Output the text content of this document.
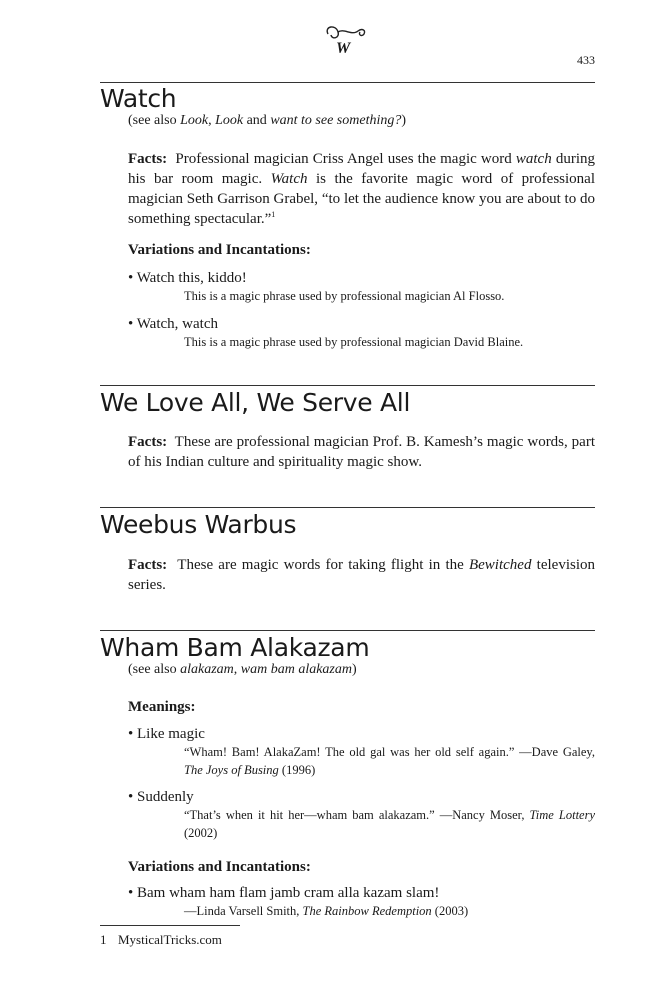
W
433
Watch
(see also Look, Look and want to see something?)
Facts: Professional magician Criss Angel uses the magic word watch during his bar room magic. Watch is the favorite magic word of professional magician Seth Garrison Grabel, “to let the audience know you are about to do something spectacular.”$^1$
Variations and Incantations:
• Watch this, kiddo!
This is a magic phrase used by professional magician Al Flosso.
• Watch, watch
This is a magic phrase used by professional magician David Blaine.
We Love All, We Serve All
Facts: These are professional magician Prof. B. Kamesh’s magic words, part of his Indian culture and spirituality magic show.
Weebus Warbus
Facts: These are magic words for taking flight in the Bewitched television series.
Wham Bam Alakazam
(see also alakazam, wam bam alakazam)
Meanings:
• Like magic
“Wham! Bam! AlakaZam! The old gal was her old self again.” —Dave Galey, The Joys of Busing (1996)
• Suddenly
“That’s when it hit her—wham bam alakazam.” —Nancy Moser, Time Lottery (2002)
Variations and Incantations:
• Bam wham ham flam jamb cram alla kazam slam!
—Linda Varsell Smith, The Rainbow Redemption (2003)
1 MysticalTricks.com
